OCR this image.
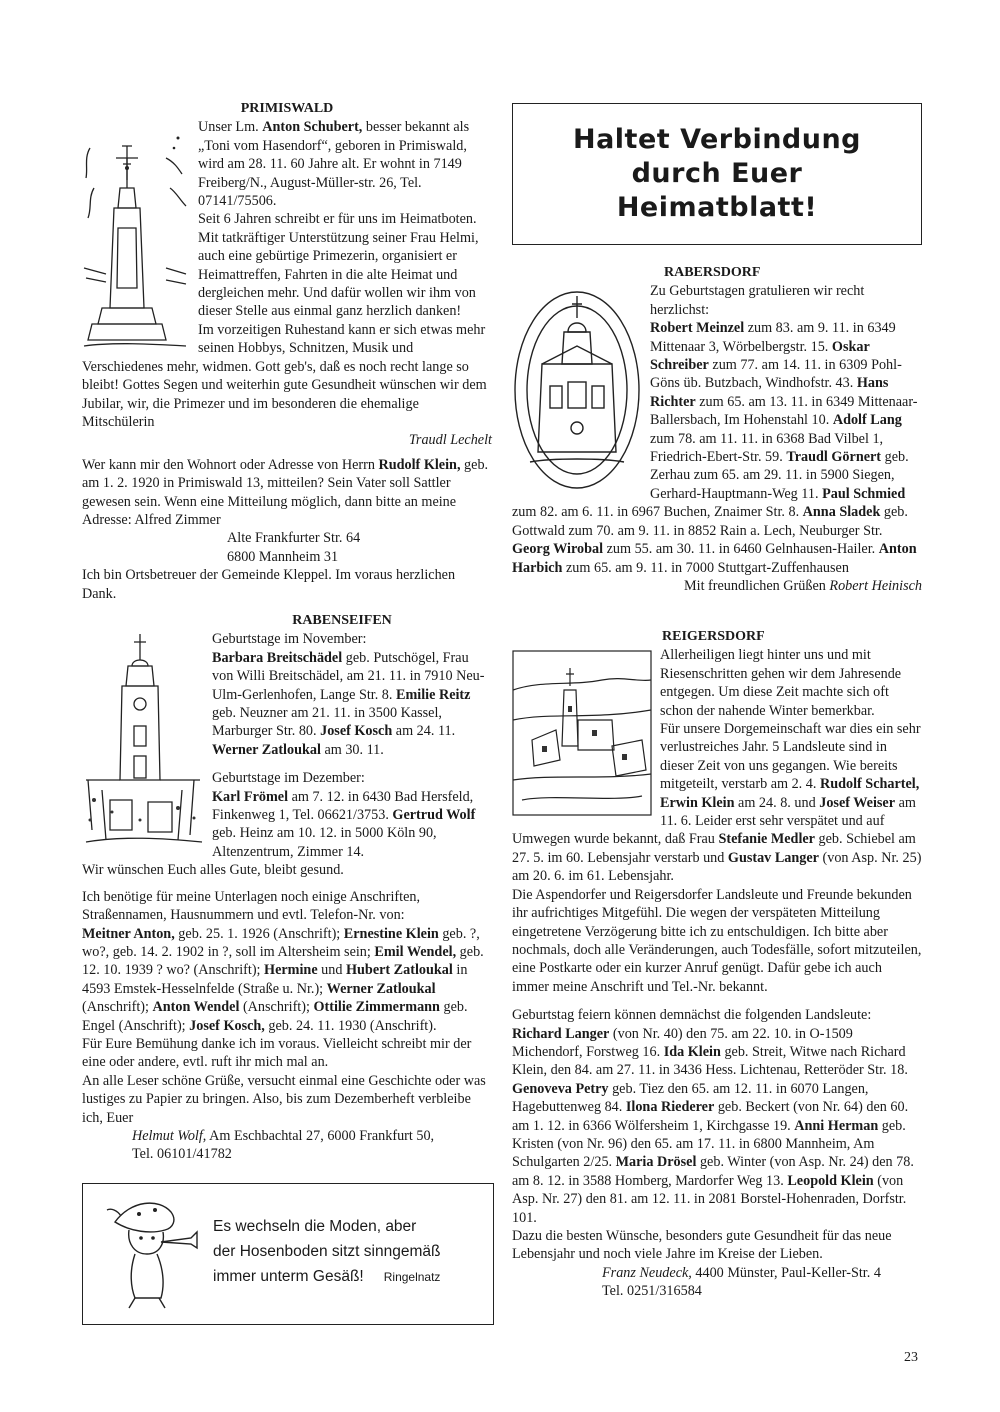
PRIMISWALD

Unser Lm. Anton Schubert, besser bekannt als „Toni vom Hasendorf“, geboren in Primiswald, wird am 28. 11. 60 Jahre alt. Er wohnt in 7149 Freiberg/N., August-Müller-str. 26, Tel. 07141/75506.

Seit 6 Jahren schreibt er für uns im Heimatboten. Mit tatkräftiger Unterstützung seiner Frau Helmi, auch eine gebürtige Primezerin, organisiert er Heimattreffen, Fahrten in die alte Heimat und dergleichen mehr. Und dafür wollen wir ihm von dieser Stelle aus einmal ganz herzlich danken!

Im vorzeitigen Ruhestand kann er sich etwas mehr seinen Hobbys, Schnitzen, Musik und Verschiedenes mehr, widmen. Gott geb's, daß es noch recht lange so bleibt! Gottes Segen und weiterhin gute Gesundheit wünschen wir dem Jubilar, wir, die Primezer und im besonderen die ehemalige Mitschülerin

Traudl Lechelt

Wer kann mir den Wohnort oder Adresse von Herrn Rudolf Klein, geb. am 1. 2. 1920 in Primiswald 13, mitteilen? Sein Vater soll Sattler gewesen sein. Wenn eine Mitteilung möglich, dann bitte an meine Adresse: Alfred Zimmer

Alte Frankfurter Str. 64

6800 Mannheim 31

Ich bin Ortsbetreuer der Gemeinde Kleppel. Im voraus herzlichen Dank.

RABENSEIFEN

Geburtstage im November:

Barbara Breitschädel geb. Putschögel, Frau von Willi Breitschädel, am 21. 11. in 7910 Neu-Ulm-Gerlenhofen, Lange Str. 8. Emilie Reitz geb. Neuzner am 21. 11. in 3500 Kassel, Marburger Str. 80. Josef Kosch am 24. 11. Werner Zatloukal am 30. 11.

Geburtstage im Dezember:

Karl Frömel am 7. 12. in 6430 Bad Hersfeld, Finkenweg 1, Tel. 06621/3753. Gertrud Wolf geb. Heinz am 10. 12. in 5000 Köln 90, Altenzentrum, Zimmer 14.

Wir wünschen Euch alles Gute, bleibt gesund.

Ich benötige für meine Unterlagen noch einige Anschriften, Straßennamen, Hausnummern und evtl. Telefon-Nr. von:

Meitner Anton, geb. 25. 1. 1926 (Anschrift); Ernestine Klein geb. ?, wo?, geb. 14. 2. 1902 in ?, soll im Altersheim sein; Emil Wendel, geb. 12. 10. 1939 ? wo? (Anschrift); Hermine und Hubert Zatloukal in 4593 Emstek-Hesselnfelde (Straße u. Nr.); Werner Zatloukal (Anschrift); Anton Wendel (Anschrift); Ottilie Zimmermann geb. Engel (Anschrift); Josef Kosch, geb. 24. 11. 1930 (Anschrift).

Für Eure Bemühung danke ich im voraus. Vielleicht schreibt mir der eine oder andere, evtl. ruft ihr mich mal an.

An alle Leser schöne Grüße, versucht einmal eine Geschichte oder was lustiges zu Papier zu bringen. Also, bis zum Dezemberheft verbleibe ich, Euer

Helmut Wolf, Am Eschbachtal 27, 6000 Frankfurt 50,

Tel. 06101/41782

Es wechseln die Moden, aber
der Hosenboden sitzt sinngemäß
immer unterm Gesäß! Ringelnatz
Haltet Verbindung
durch Euer
Heimatblatt!

RABERSDORF

Zu Geburtstagen gratulieren wir recht herzlichst:

Robert Meinzel zum 83. am 9. 11. in 6349 Mittenaar 3, Wörbelbergstr. 15. Oskar Schreiber zum 77. am 14. 11. in 6309 Pohl-Göns üb. Butzbach, Windhofstr. 43. Hans Richter zum 65. am 13. 11. in 6349 Mittenaar-Ballersbach, Im Hohenstahl 10. Adolf Lang zum 78. am 11. 11. in 6368 Bad Vilbel 1, Friedrich-Ebert-Str. 59. Traudl Görnert geb. Zerhau zum 65. am 29. 11. in 5900 Siegen, Gerhard-Hauptmann-Weg 11. Paul Schmied zum 82. am 6. 11. in 6967 Buchen, Znaimer Str. 8. Anna Sladek geb. Gottwald zum 70. am 9. 11. in 8852 Rain a. Lech, Neuburger Str. Georg Wirobal zum 55. am 30. 11. in 6460 Gelnhausen-Hailer. Anton Harbich zum 65. am 9. 11. in 7000 Stuttgart-Zuffenhausen

Mit freundlichen Grüßen Robert Heinisch

REIGERSDORF

Allerheiligen liegt hinter uns und mit Riesenschritten gehen wir dem Jahresende entgegen. Um diese Zeit machte sich oft schon der nahende Winter bemerkbar.

Für unsere Dorgemeinschaft war dies ein sehr verlustreiches Jahr. 5 Landsleute sind in dieser Zeit von uns gegangen. Wie bereits mitgeteilt, verstarb am 2. 4. Rudolf Schartel, Erwin Klein am 24. 8. und Josef Weiser am 11. 6. Leider erst sehr verspätet und auf Umwegen wurde bekannt, daß Frau Stefanie Medler geb. Schiebel am 27. 5. im 60. Lebensjahr verstarb und Gustav Langer (von Asp. Nr. 25) am 20. 6. im 61. Lebensjahr.

Die Aspendorfer und Reigersdorfer Landsleute und Freunde bekunden ihr aufrichtiges Mitgefühl. Die wegen der verspäteten Mitteilung eingetretene Verzögerung bitte ich zu entschuldigen. Ich bitte aber nochmals, doch alle Veränderungen, auch Todesfälle, sofort mitzuteilen, eine Postkarte oder ein kurzer Anruf genügt. Dafür gebe ich auch immer meine Anschrift und Tel.-Nr. bekannt.

Geburtstag feiern können demnächst die folgenden Landsleute: Richard Langer (von Nr. 40) den 75. am 22. 10. in O-1509 Michendorf, Forstweg 16. Ida Klein geb. Streit, Witwe nach Richard Klein, den 84. am 27. 11. in 3436 Hess. Lichtenau, Retteröder Str. 18. Genoveva Petry geb. Tiez den 65. am 12. 11. in 6070 Langen, Hagebuttenweg 84. Ilona Riederer geb. Beckert (von Nr. 64) den 60. am 1. 12. in 6366 Wölfersheim 1, Kirchgasse 19. Anni Herman geb. Kristen (von Nr. 96) den 65. am 17. 11. in 6800 Mannheim, Am Schulgarten 2/25. Maria Drösel geb. Winter (von Asp. Nr. 24) den 78. am 8. 12. in 3588 Homberg, Mardorfer Weg 13. Leopold Klein (von Asp. Nr. 27) den 81. am 12. 11. in 2081 Borstel-Hohenraden, Dorfstr. 101.

Dazu die besten Wünsche, besonders gute Gesundheit für das neue Lebensjahr und noch viele Jahre im Kreise der Lieben.

Franz Neudeck, 4400 Münster, Paul-Keller-Str. 4

Tel. 0251/316584

23
